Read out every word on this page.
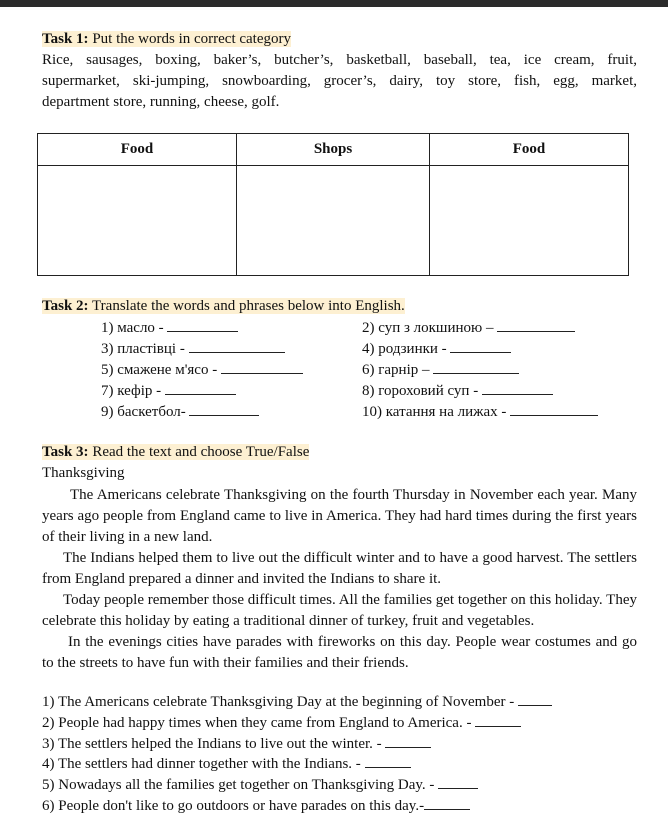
Task 1: Put the words in correct category
Rice, sausages, boxing, baker’s, butcher’s, basketball, baseball, tea, ice cream, fruit,
supermarket, ski-jumping, snowboarding, grocer’s, dairy, toy store, fish, egg, market,
department store, running, cheese, golf.
Food	Shops	Food

Task 2: Translate the words and phrases below into English.
1) масло -	2) суп з локшиною –
3) пластівці -	4) родзинки -
5) смажене м'ясо -	6) гарнір –
7) кефір -	8) гороховий суп -
9) баскетбол-	10) катання на лижах -
Task 3: Read the text and choose True/False
Thanksgiving

The Americans celebrate Thanksgiving on the fourth Thursday in November each year. Many years ago people from England came to live in America. They had hard times during the first years of their living in a new land.

The Indians helped them to live out the difficult winter and to have a good harvest. The settlers from England prepared a dinner and invited the Indians to share it.

Today people remember those difficult times. All the families get together on this holiday. They celebrate this holiday by eating a traditional dinner of turkey, fruit and vegetables.

In the evenings cities have parades with fireworks on this day. People wear costumes and go to the streets to have fun with their families and their friends.

1) The Americans celebrate Thanksgiving Day at the beginning of November -
2) People had happy times when they came from England to America. -
3) The settlers helped the Indians to live out the winter. -
4) The settlers had dinner together with the Indians. -
5) Nowadays all the families get together on Thanksgiving Day. -
6) People don't like to go outdoors or have parades on this day.-
